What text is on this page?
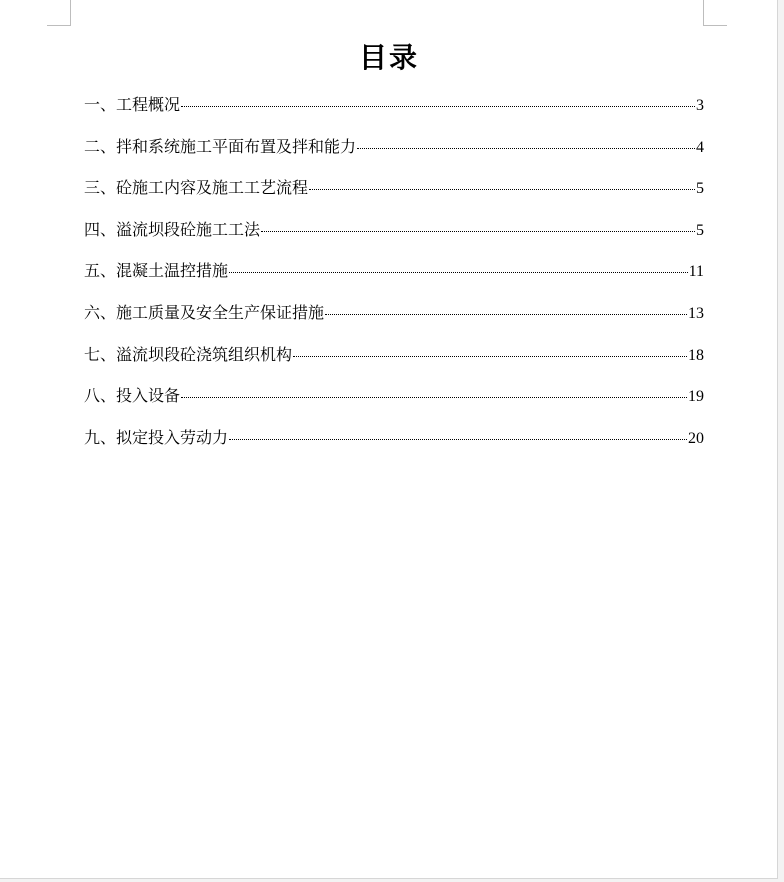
目录
一、工程概况	3
二、拌和系统施工平面布置及拌和能力	4
三、砼施工内容及施工工艺流程	5
四、溢流坝段砼施工工法	5
五、混凝土温控措施	11
六、施工质量及安全生产保证措施	13
七、溢流坝段砼浇筑组织机构	18
八、投入设备	19
九、拟定投入劳动力	20
